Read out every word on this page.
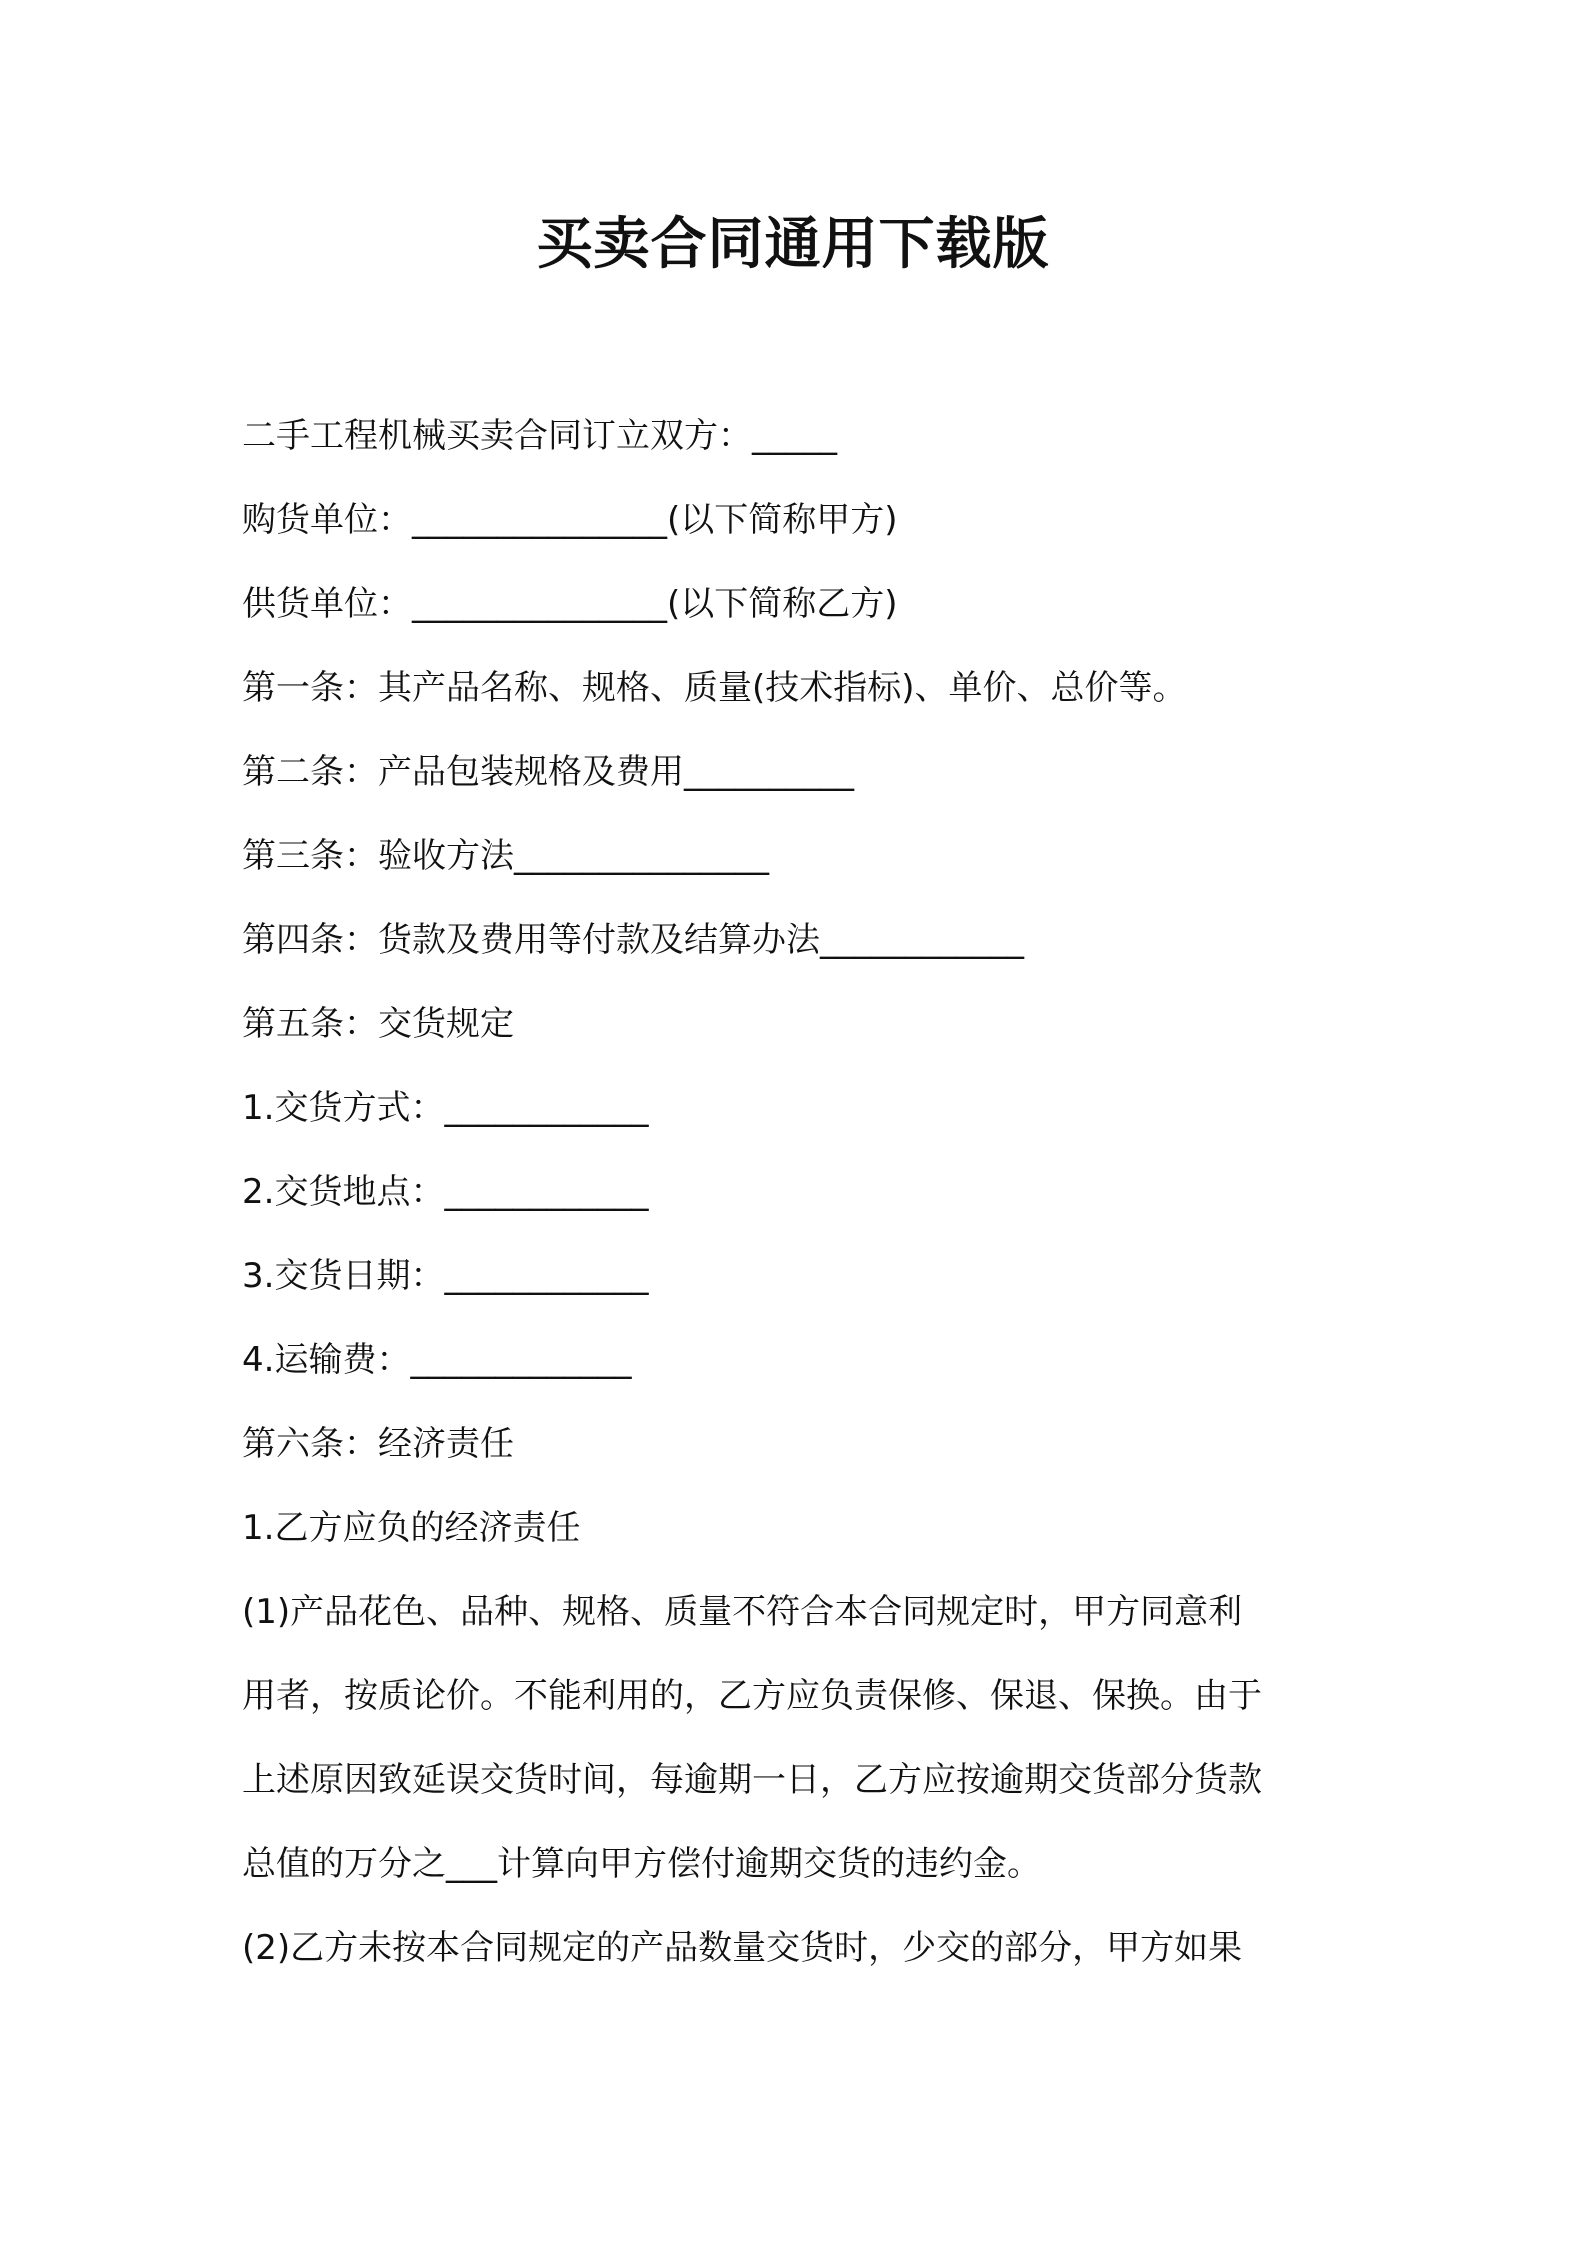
买卖合同通用下载版
二手工程机械买卖合同订立双方：_____
购货单位：_______________(以下简称甲方)
供货单位：_______________(以下简称乙方)
第一条：其产品名称、规格、质量(技术指标)、单价、总价等。
第二条：产品包装规格及费用__________
第三条：验收方法_______________
第四条：货款及费用等付款及结算办法____________
第五条：交货规定
1.交货方式：____________
2.交货地点：____________
3.交货日期：____________
4.运输费：_____________
第六条：经济责任
1.乙方应负的经济责任
(1)产品花色、品种、规格、质量不符合本合同规定时，甲方同意利
用者，按质论价。不能利用的，乙方应负责保修、保退、保换。由于
上述原因致延误交货时间，每逾期一日，乙方应按逾期交货部分货款
总值的万分之___计算向甲方偿付逾期交货的违约金。
(2)乙方未按本合同规定的产品数量交货时，少交的部分，甲方如果
